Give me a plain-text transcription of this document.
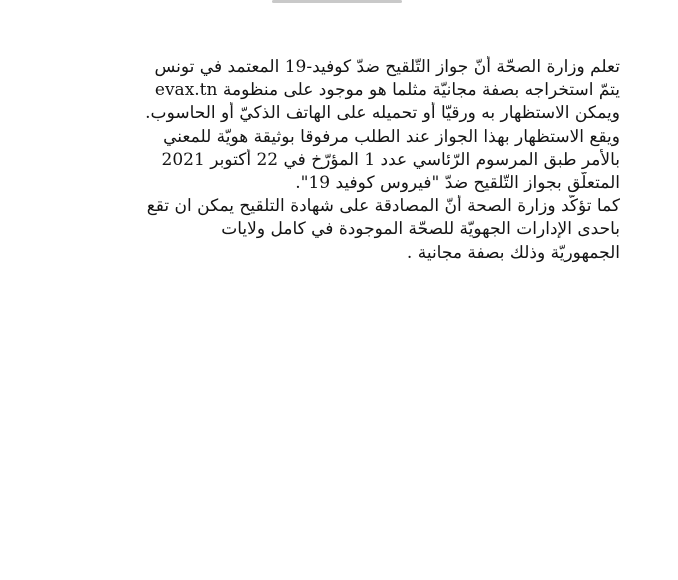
تعلم وزارة الصحّة أنّ جواز التّلقيح ضدّ كوفيد-19 المعتمد في تونس
يتمّ استخراجه بصفة مجانيّة مثلما هو موجود على منظومة evax.tn
ويمكن الاستظهار به ورقيّا أو تحميله على الهاتف الذكيّ أو الحاسوب.
ويقع الاستظهار بهذا الجواز عند الطلب مرفوقا بوثيقة هويّة للمعني
بالأمر طبق المرسوم الرّئاسي عدد 1 المؤرّخ في 22 أكتوبر 2021
المتعلّق بجواز التّلقيح ضدّ "فيروس كوفيد 19".
كما تؤكّد وزارة الصحة أنّ المصادقة على شهادة التلقيح يمكن ان تقع
باحدى الإدارات الجهويّة للصحّة الموجودة في كامل ولايات
الجمهوريّة وذلك بصفة مجانية .
